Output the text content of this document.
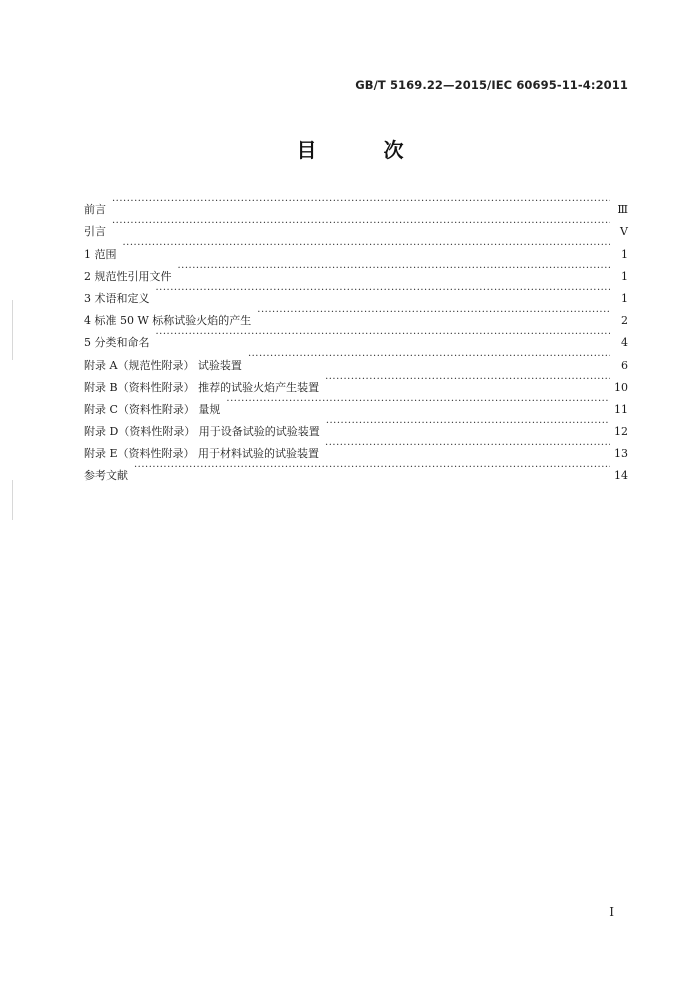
GB/T 5169.22—2015/IEC 60695-11-4:2011
目 次
前言 ·····	Ⅲ
引言 ·····	Ⅴ
1 范围 ·····	1
2 规范性引用文件 ·····	1
3 术语和定义 ·····	1
4 标准 50 W 标称试验火焰的产生 ·····	2
5 分类和命名 ·····	4
附录 A（规范性附录） 试验装置 ·····	6
附录 B（资料性附录） 推荐的试验火焰产生装置 ·····	10
附录 C（资料性附录） 量规 ·····	11
附录 D（资料性附录） 用于设备试验的试验装置 ·····	12
附录 E（资料性附录） 用于材料试验的试验装置 ·····	13
参考文献 ·····	14
I
